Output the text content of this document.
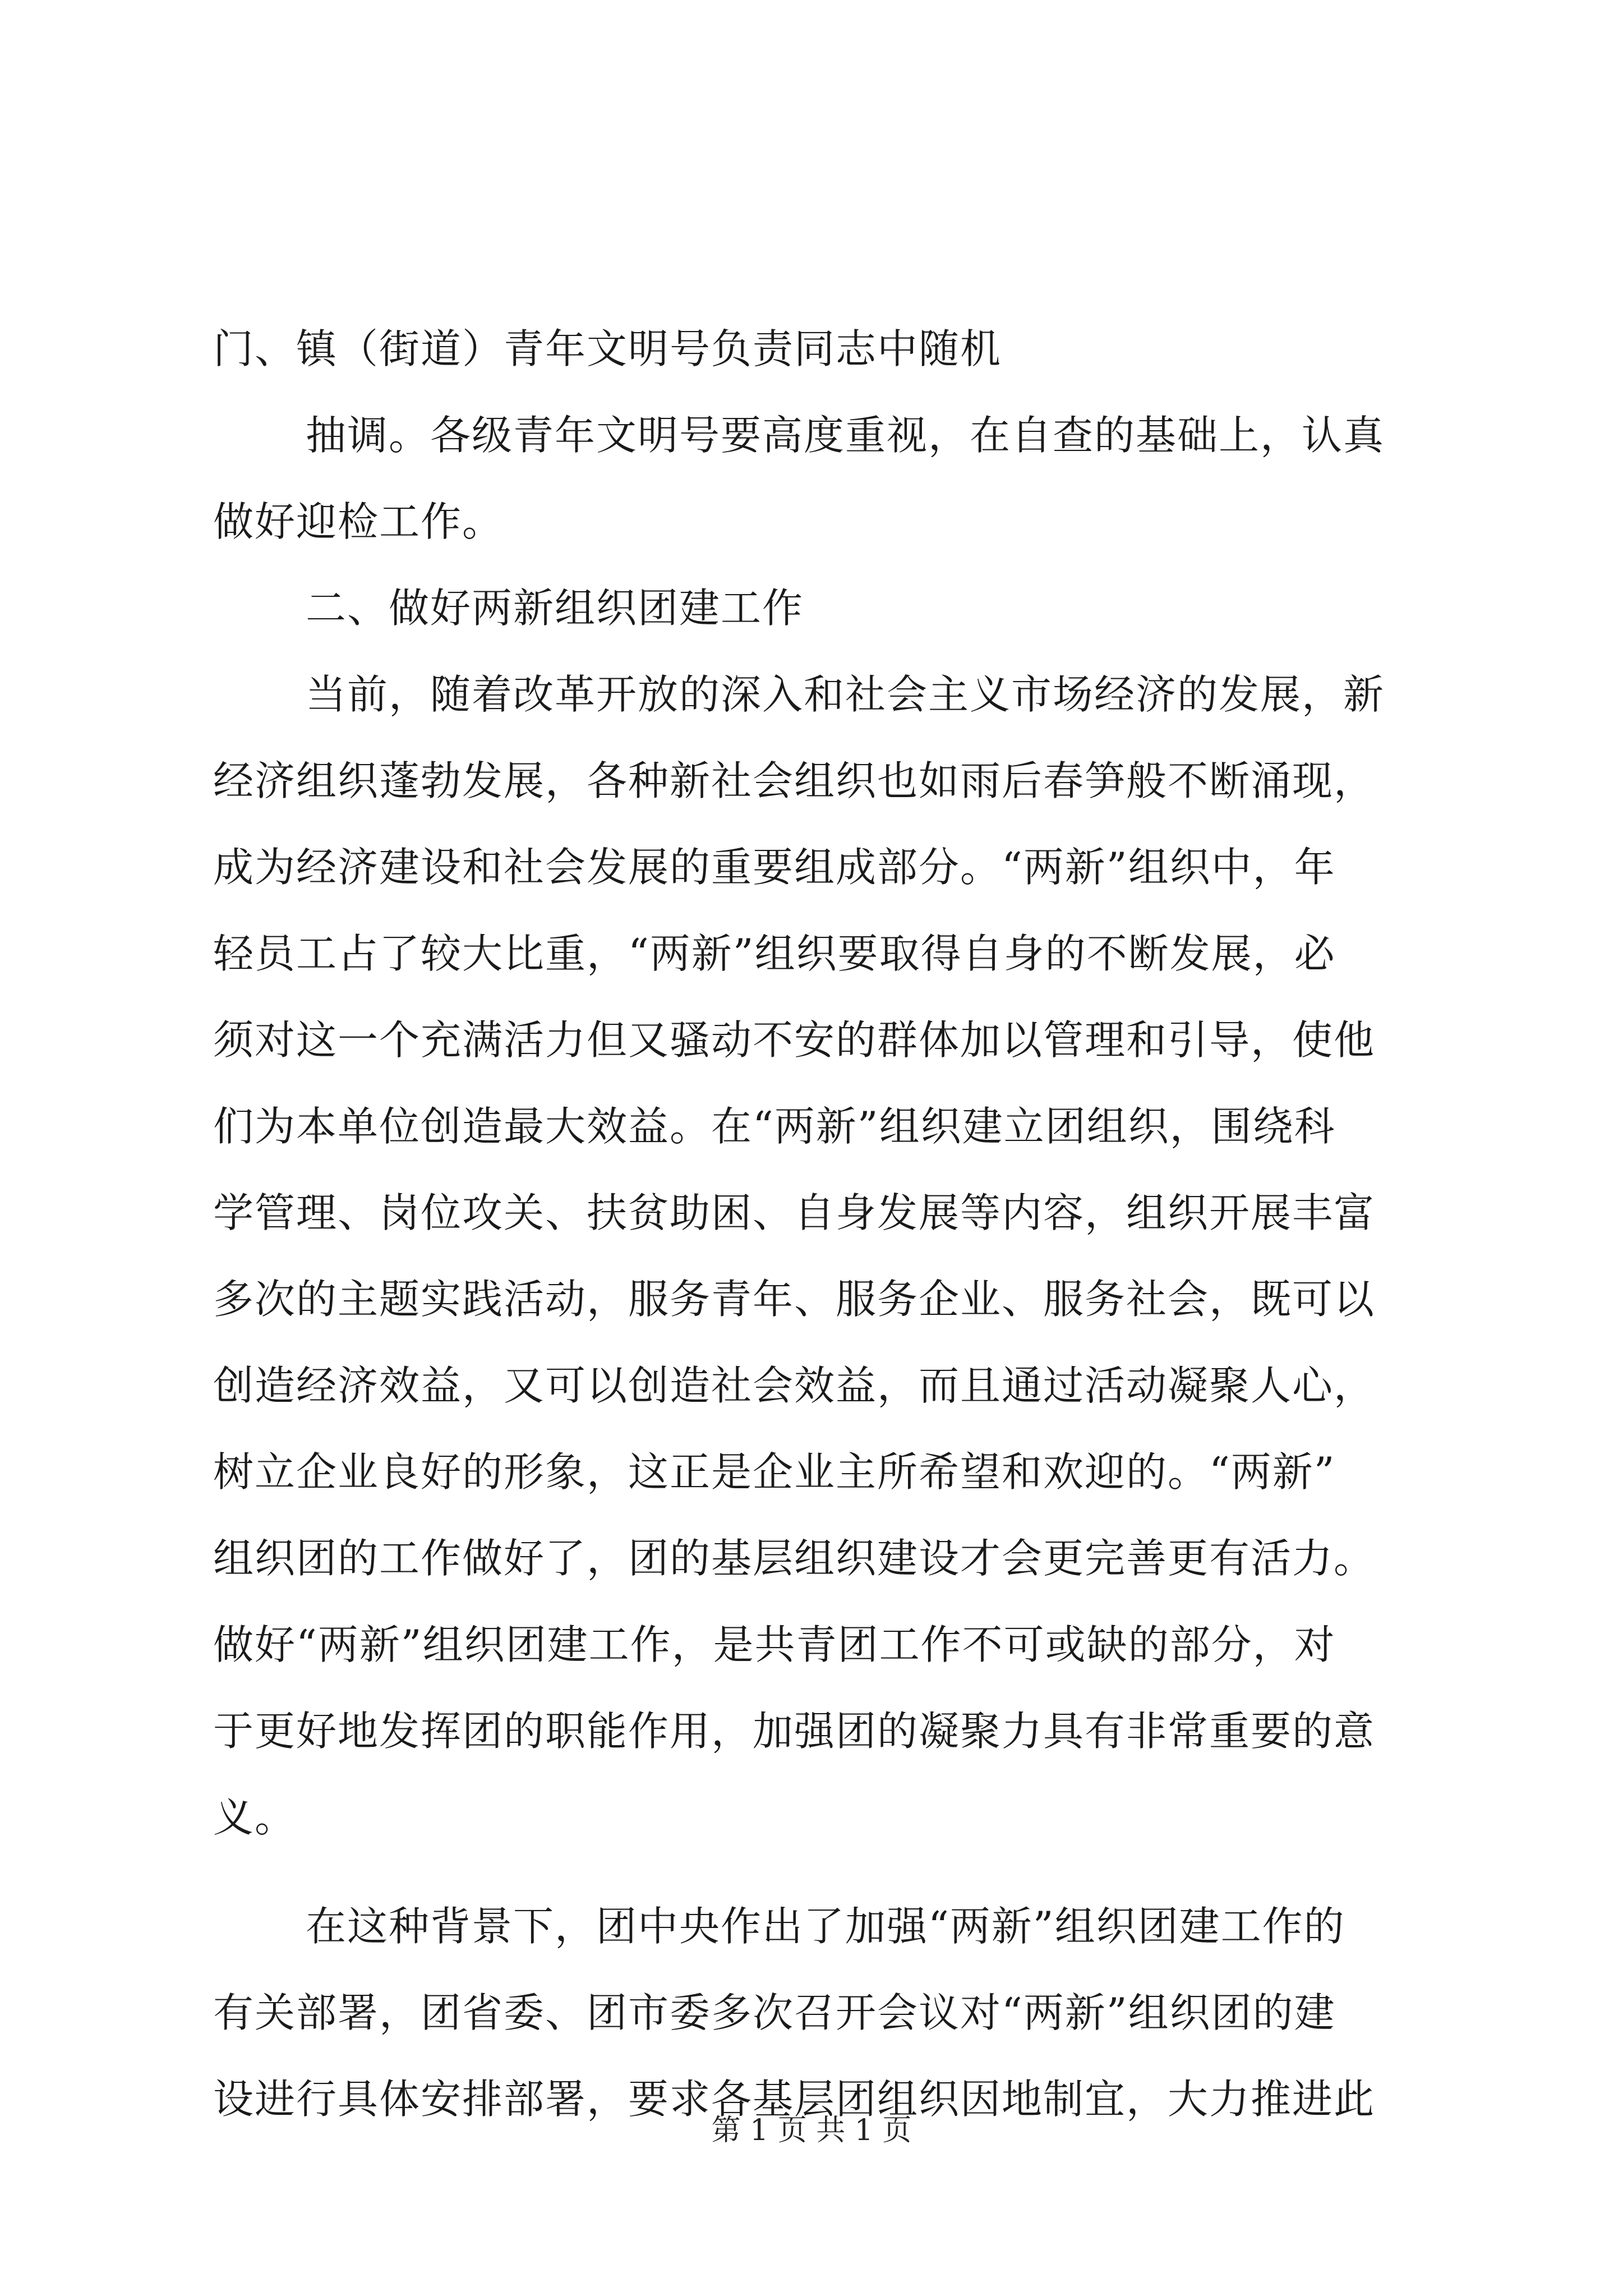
门、镇（街道）青年文明号负责同志中随机
抽调。各级青年文明号要高度重视，在自查的基础上，认真
做好迎检工作。
二、做好两新组织团建工作
当前，随着改革开放的深入和社会主义市场经济的发展，新
经济组织蓬勃发展，各种新社会组织也如雨后春笋般不断涌现，
成为经济建设和社会发展的重要组成部分。“两新”组织中，年
轻员工占了较大比重，“两新”组织要取得自身的不断发展，必
须对这一个充满活力但又骚动不安的群体加以管理和引导，使他
们为本单位创造最大效益。在“两新”组织建立团组织，围绕科
学管理、岗位攻关、扶贫助困、自身发展等内容，组织开展丰富
多次的主题实践活动，服务青年、服务企业、服务社会，既可以
创造经济效益，又可以创造社会效益，而且通过活动凝聚人心，
树立企业良好的形象，这正是企业主所希望和欢迎的。“两新”
组织团的工作做好了，团的基层组织建设才会更完善更有活力。
做好“两新”组织团建工作，是共青团工作不可或缺的部分，对
于更好地发挥团的职能作用，加强团的凝聚力具有非常重要的意
义。
在这种背景下，团中央作出了加强“两新”组织团建工作的
有关部署，团省委、团市委多次召开会议对“两新”组织团的建
设进行具体安排部署，要求各基层团组织因地制宜，大力推进此
第 1 页 共 1 页
